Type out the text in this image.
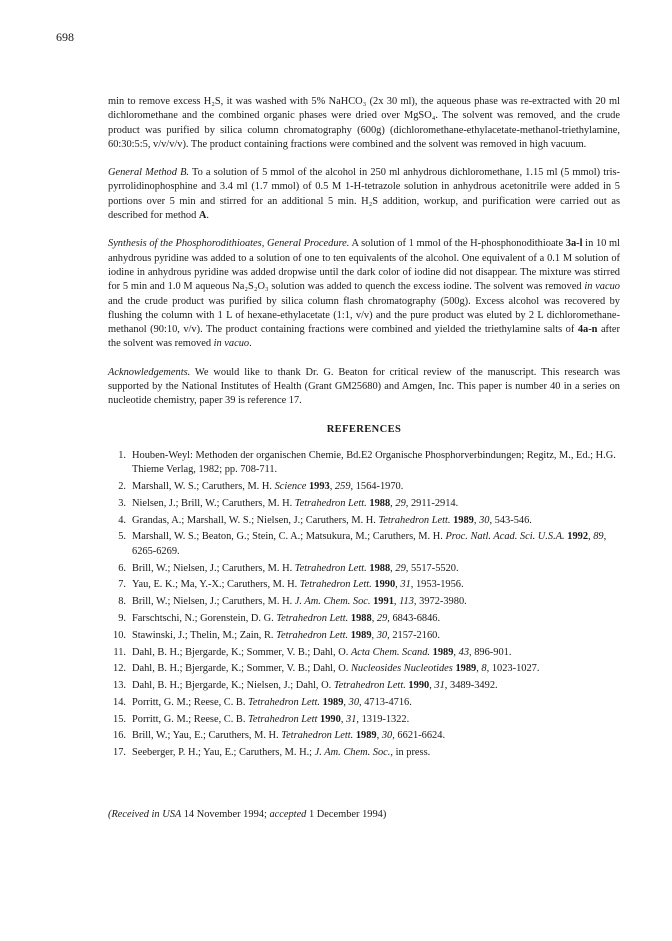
698

min to remove excess H₂S, it was washed with 5% NaHCO₃ (2x 30 ml), the aqueous phase was re-extracted with 20 ml dichloromethane and the combined organic phases were dried over MgSO₄. The solvent was removed, and the crude product was purified by silica column chromatography (600g) (dichloromethane-ethylacetate-methanol-triethylamine, 60:30:5:5, v/v/v/v). The product containing fractions were combined and the solvent was removed in high vacuum.

General Method B. To a solution of 5 mmol of the alcohol in 250 ml anhydrous dichloromethane, 1.15 ml (5 mmol) tris-pyrrolidinophosphine and 3.4 ml (1.7 mmol) of 0.5 M 1-H-tetrazole solution in anhydrous acetonitrile were added in 5 portions over 5 min and stirred for an additional 5 min. H₂S addition, workup, and purification were carried out as described for method A.

Synthesis of the Phosphorodithioates, General Procedure. A solution of 1 mmol of the H-phosphonodithioate 3a-l in 10 ml anhydrous pyridine was added to a solution of one to ten equivalents of the alcohol. One equivalent of a 0.1 M solution of iodine in anhydrous pyridine was added dropwise until the dark color of iodine did not disappear. The mixture was stirred for 5 min and 1.0 M aqueous Na₂S₂O₃ solution was added to quench the excess iodine. The solvent was removed in vacuo and the crude product was purified by silica column flash chromatography (500g). Excess alcohol was recovered by flushing the column with 1 L of hexane-ethylacetate (1:1, v/v) and the pure product was eluted by 2 L dichloromethane-methanol (90:10, v/v). The product containing fractions were combined and yielded the triethylamine salts of 4a-n after the solvent was removed in vacuo.

Acknowledgements. We would like to thank Dr. G. Beaton for critical review of the manuscript. This research was supported by the National Institutes of Health (Grant GM25680) and Amgen, Inc. This paper is number 40 in a series on nucleotide chemistry, paper 39 is reference 17.

REFERENCES
1. Houben-Weyl: Methoden der organischen Chemie, Bd.E2 Organische Phosphorverbindungen; Regitz, M., Ed.; H.G. Thieme Verlag, 1982; pp. 708-711.
2. Marshall, W. S.; Caruthers, M. H. Science 1993, 259, 1564-1970.
3. Nielsen, J.; Brill, W.; Caruthers, M. H. Tetrahedron Lett. 1988, 29, 2911-2914.
4. Grandas, A.; Marshall, W. S.; Nielsen, J.; Caruthers, M. H. Tetrahedron Lett. 1989, 30, 543-546.
5. Marshall, W. S.; Beaton, G.; Stein, C. A.; Matsukura, M.; Caruthers, M. H. Proc. Natl. Acad. Sci. U.S.A. 1992, 89, 6265-6269.
6. Brill, W.; Nielsen, J.; Caruthers, M. H. Tetrahedron Lett. 1988, 29, 5517-5520.
7. Yau, E. K.; Ma, Y.-X.; Caruthers, M. H. Tetrahedron Lett. 1990, 31, 1953-1956.
8. Brill, W.; Nielsen, J.; Caruthers, M. H. J. Am. Chem. Soc. 1991, 113, 3972-3980.
9. Farschtschi, N.; Gorenstein, D. G. Tetrahedron Lett. 1988, 29, 6843-6846.
10. Stawinski, J.; Thelin, M.; Zain, R. Tetrahedron Lett. 1989, 30, 2157-2160.
11. Dahl, B. H.; Bjergarde, K.; Sommer, V. B.; Dahl, O. Acta Chem. Scand. 1989, 43, 896-901.
12. Dahl, B. H.; Bjergarde, K.; Sommer, V. B.; Dahl, O. Nucleosides Nucleotides 1989, 8, 1023-1027.
13. Dahl, B. H.; Bjergarde, K.; Nielsen, J.; Dahl, O. Tetrahedron Lett. 1990, 31, 3489-3492.
14. Porritt, G. M.; Reese, C. B. Tetrahedron Lett. 1989, 30, 4713-4716.
15. Porritt, G. M.; Reese, C. B. Tetrahedron Lett 1990, 31, 1319-1322.
16. Brill, W.; Yau, E.; Caruthers, M. H. Tetrahedron Lett. 1989, 30, 6621-6624.
17. Seeberger, P. H.; Yau, E.; Caruthers, M. H.; J. Am. Chem. Soc., in press.
(Received in USA 14 November 1994; accepted 1 December 1994)
